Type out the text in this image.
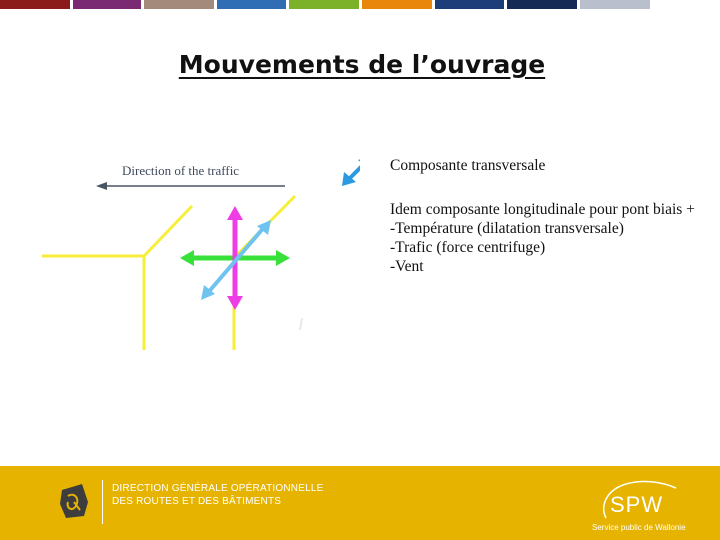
Mouvements de l’ouvrage
Direction of the traffic	Composante transversale
Idem composante longitudinale pour pont biais +
-Température (dilatation transversale)
-Trafic (force centrifuge)
-Vent
DIRECTION GÉNÉRALE OPÉRATIONNELLE
DES ROUTES ET DES BÂTIMENTS	SPW
Service public de Wallonie
